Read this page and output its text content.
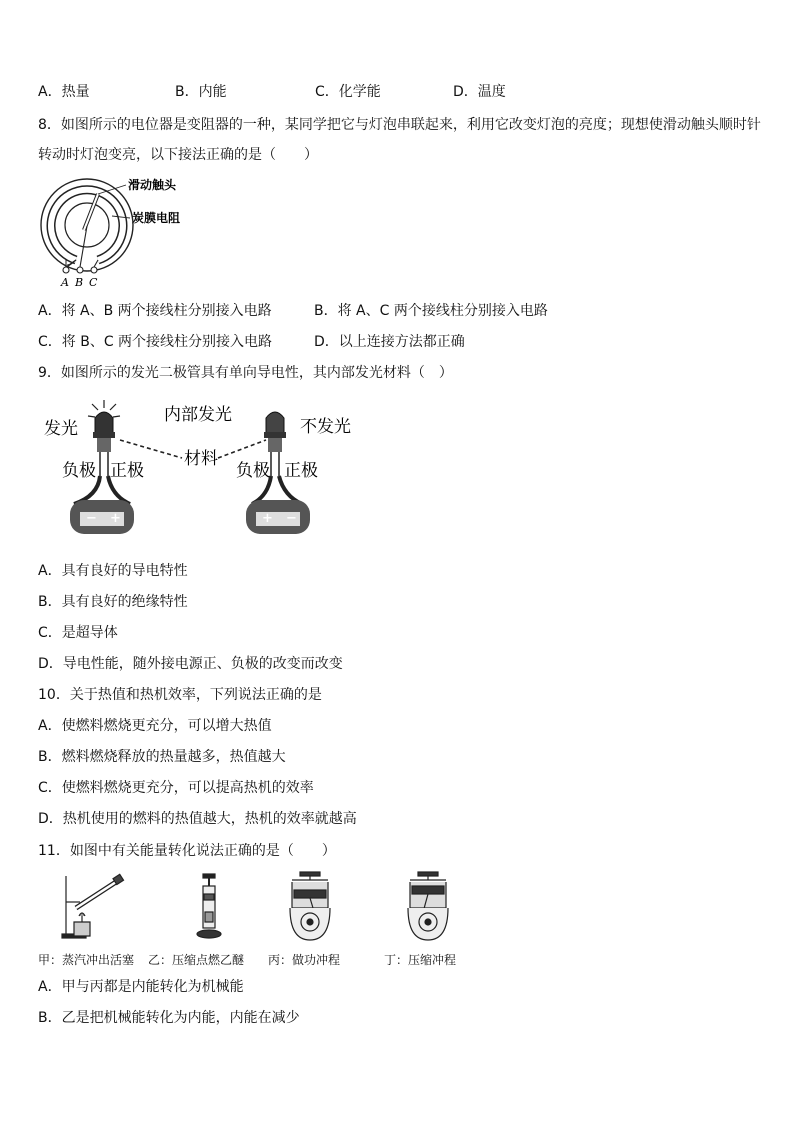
A．热量	B．内能	C．化学能	D．温度
8．如图所示的电位器是变阻器的一种，某同学把它与灯泡串联起来，利用它改变灯泡的亮度；现想使滑动触头顺时针
转动时灯泡变亮，以下接法正确的是（　　）
滑动触头
炭膜电阻
A B C
A．将 A、B 两个接线柱分别接入电路	B．将 A、C 两个接线柱分别接入电路
C．将 B、C 两个接线柱分别接入电路	D．以上连接方法都正确
9．如图所示的发光二极管具有单向导电性，其内部发光材料（　）
发光
负极 正极
− +
内部发光
材料
不发光
负极 正极
+ −
A．具有良好的导电特性
B．具有良好的绝缘特性
C．是超导体
D．导电性能，随外接电源正、负极的改变而改变
10．关于热值和热机效率，下列说法正确的是
A．使燃料燃烧更充分，可以增大热值
B．燃料燃烧释放的热量越多，热值越大
C．使燃料燃烧更充分，可以提高热机的效率
D．热机使用的燃料的热值越大，热机的效率就越高
11．如图中有关能量转化说法正确的是（　　）
甲：蒸汽冲出活塞 乙：压缩点燃乙醚 丙：做功冲程	丁：压缩冲程
A．甲与丙都是内能转化为机械能
B．乙是把机械能转化为内能，内能在减少
